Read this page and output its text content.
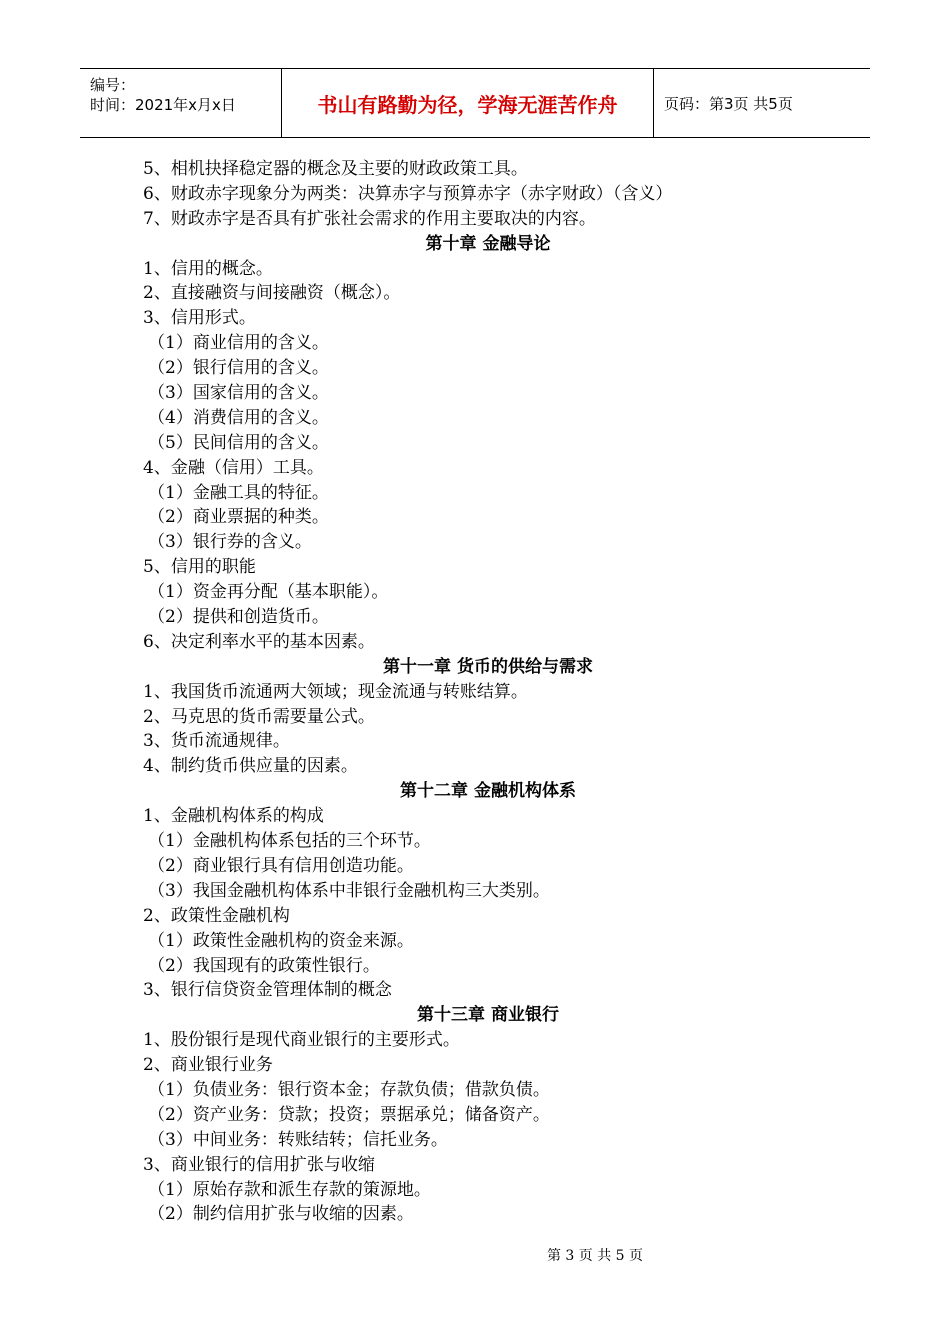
编号：
时间：2021年x月x日	书山有路勤为径，学海无涯苦作舟	页码：第3页 共5页
5、相机抉择稳定器的概念及主要的财政政策工具。
6、财政赤字现象分为两类：决算赤字与预算赤字（赤字财政）（含义）
7、财政赤字是否具有扩张社会需求的作用主要取决的内容。
第十章 金融导论
1、信用的概念。
2、直接融资与间接融资（概念）。
3、信用形式。
（1）商业信用的含义。
（2）银行信用的含义。
（3）国家信用的含义。
（4）消费信用的含义。
（5）民间信用的含义。
4、金融（信用）工具。
（1）金融工具的特征。
（2）商业票据的种类。
（3）银行券的含义。
5、信用的职能
（1）资金再分配（基本职能）。
（2）提供和创造货币。
6、决定利率水平的基本因素。
第十一章 货币的供给与需求
1、我国货币流通两大领域；现金流通与转账结算。
2、马克思的货币需要量公式。
3、货币流通规律。
4、制约货币供应量的因素。
第十二章 金融机构体系
1、金融机构体系的构成
（1）金融机构体系包括的三个环节。
（2）商业银行具有信用创造功能。
（3）我国金融机构体系中非银行金融机构三大类别。
2、政策性金融机构
（1）政策性金融机构的资金来源。
（2）我国现有的政策性银行。
3、银行信贷资金管理体制的概念
第十三章 商业银行
1、股份银行是现代商业银行的主要形式。
2、商业银行业务
（1）负债业务：银行资本金；存款负债；借款负债。
（2）资产业务：贷款；投资；票据承兑；储备资产。
（3）中间业务：转账结转；信托业务。
3、商业银行的信用扩张与收缩
（1）原始存款和派生存款的策源地。
（2）制约信用扩张与收缩的因素。
第 3 页 共 5 页
